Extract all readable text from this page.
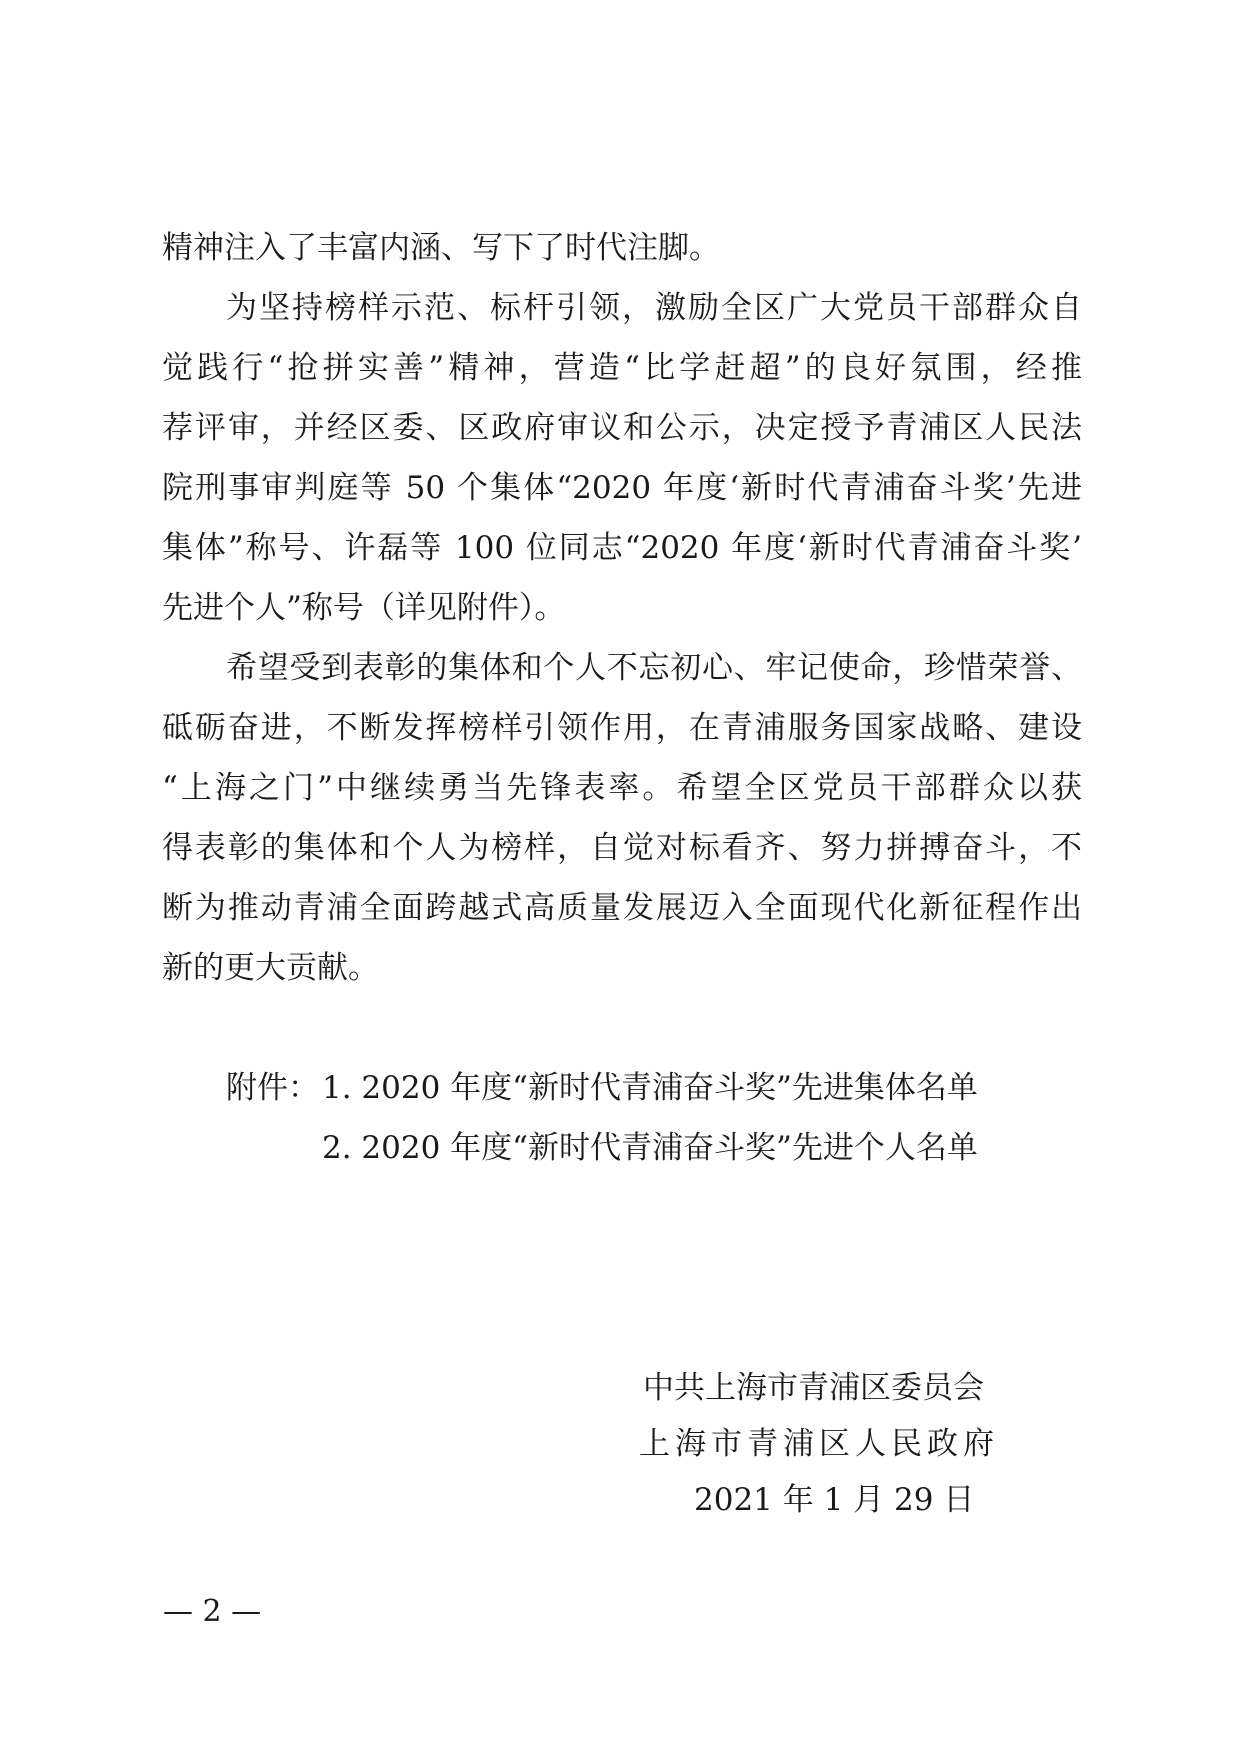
精神注入了丰富内涵、写下了时代注脚。
为坚持榜样示范、标杆引领，激励全区广大党员干部群众自
觉践行“抢拼实善”精神，营造“比学赶超”的良好氛围，经推
荐评审，并经区委、区政府审议和公示，决定授予青浦区人民法
院刑事审判庭等 50 个集体“2020 年度‘新时代青浦奋斗奖’先进
集体”称号、许磊等 100 位同志“2020 年度‘新时代青浦奋斗奖’
先进个人”称号（详见附件）。
希望受到表彰的集体和个人不忘初心、牢记使命，珍惜荣誉、
砥砺奋进，不断发挥榜样引领作用，在青浦服务国家战略、建设
“上海之门”中继续勇当先锋表率。希望全区党员干部群众以获
得表彰的集体和个人为榜样，自觉对标看齐、努力拼搏奋斗，不
断为推动青浦全面跨越式高质量发展迈入全面现代化新征程作出
新的更大贡献。
附件： 1. 2020 年度“新时代青浦奋斗奖”先进集体名单
2. 2020 年度“新时代青浦奋斗奖”先进个人名单
中共上海市青浦区委员会
上海市青浦区人民政府
2021 年 1 月 29 日
— 2 —
